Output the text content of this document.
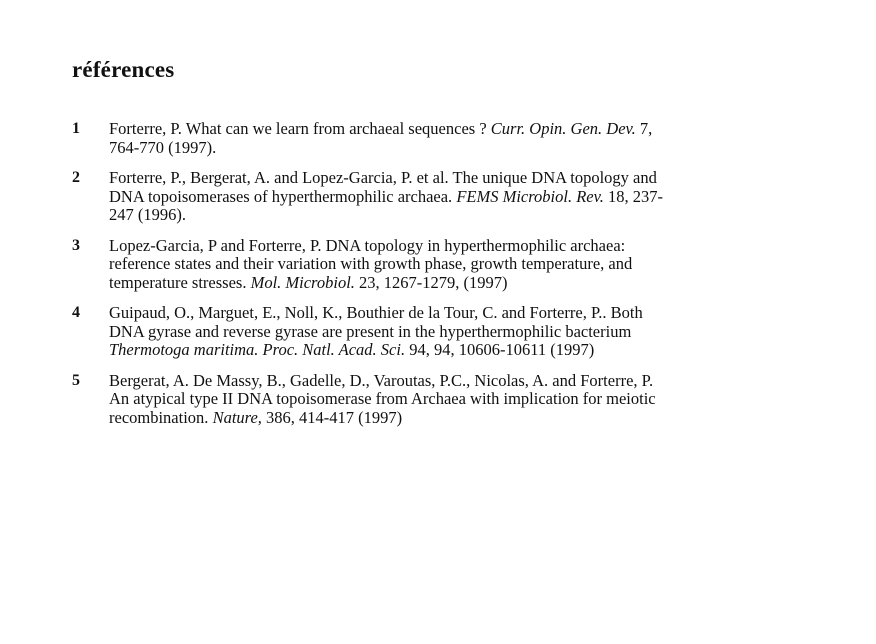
références
1 Forterre, P. What can we learn from archaeal sequences ? Curr. Opin. Gen. Dev. 7,
764-770 (1997).
2 Forterre, P., Bergerat, A. and Lopez-Garcia, P. et al. The unique DNA topology and
DNA topoisomerases of hyperthermophilic archaea. FEMS Microbiol. Rev. 18, 237-
247 (1996).
3 Lopez-Garcia, P and Forterre, P. DNA topology in hyperthermophilic archaea:
reference states and their variation with growth phase, growth temperature, and
temperature stresses. Mol. Microbiol. 23, 1267-1279, (1997)
4 Guipaud, O., Marguet, E., Noll, K., Bouthier de la Tour, C. and Forterre, P.. Both
DNA gyrase and reverse gyrase are present in the hyperthermophilic bacterium
Thermotoga maritima. Proc. Natl. Acad. Sci. 94, 94, 10606-10611 (1997)
5 Bergerat, A. De Massy, B., Gadelle, D., Varoutas, P.C., Nicolas, A. and Forterre, P.
An atypical type II DNA topoisomerase from Archaea with implication for meiotic
recombination. Nature, 386, 414-417 (1997)
